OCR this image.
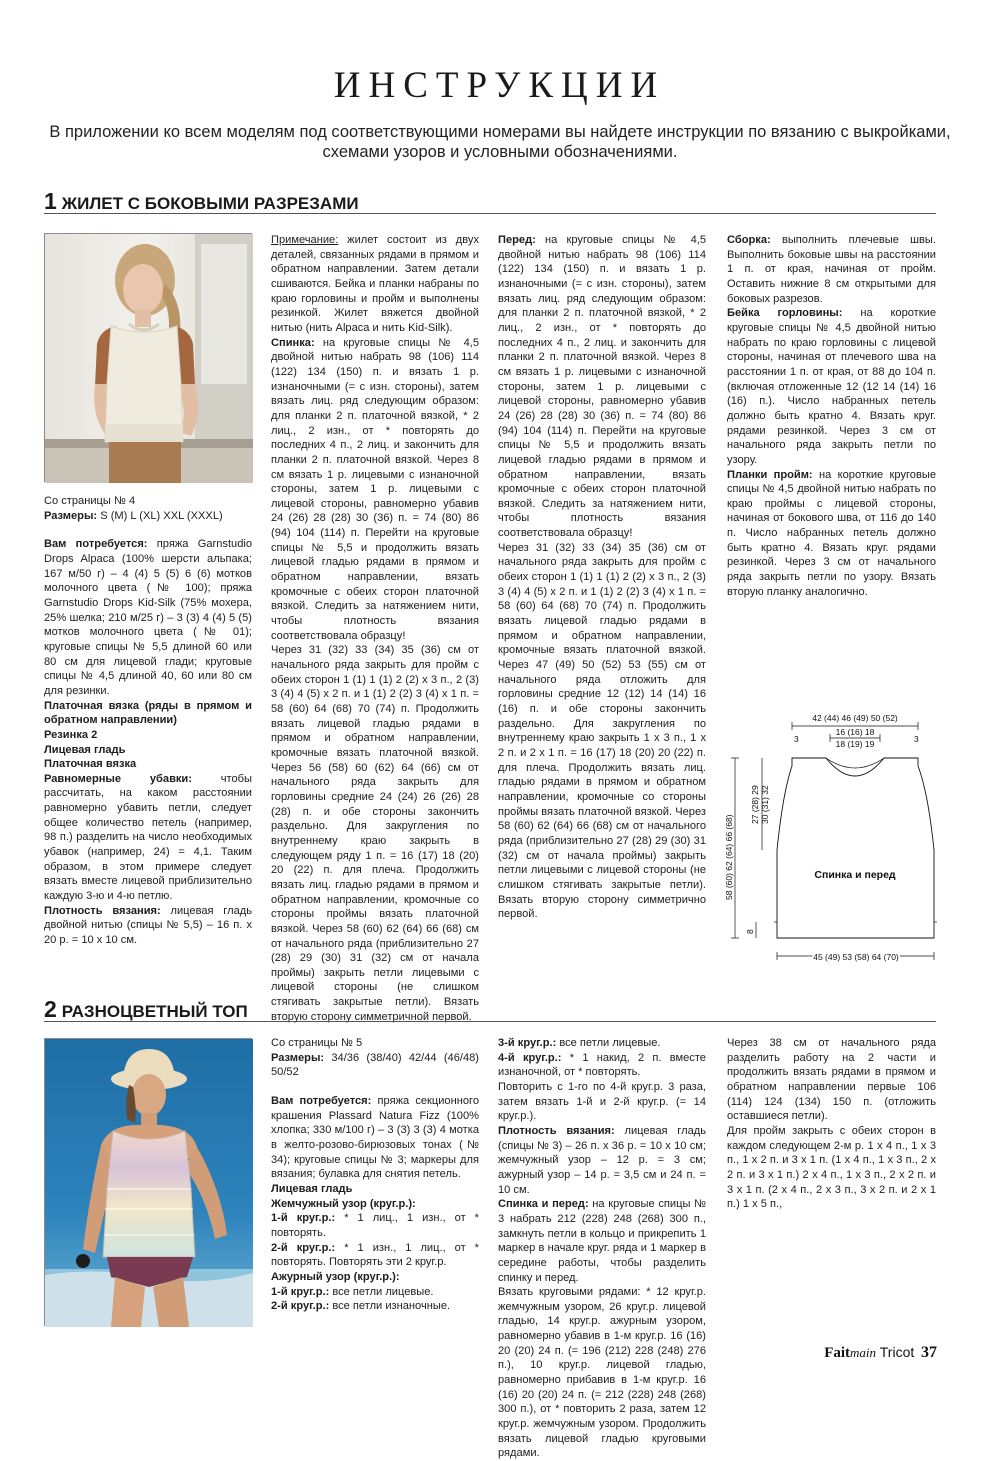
ИНСТРУКЦИИ
В приложении ко всем моделям под соответствующими номерами вы найдете инструкции по вязанию с выкройками, схемами узоров и условными обозначениями.
1 ЖИЛЕТ С БОКОВЫМИ РАЗРЕЗАМИ

Со страницы № 4

Размеры: S (M) L (XL) XXL (XXXL)

Вам потребуется: пряжа Garnstudio Drops Alpaca (100% шерсти альпака; 167 м/50 г) – 4 (4) 5 (5) 6 (6) мотков молочного цвета (№ 100); пряжа Garnstudio Drops Kid-Silk (75% мохера, 25% шелка; 210 м/25 г) – 3 (3) 4 (4) 5 (5) мотков молочного цвета (№ 01); круговые спицы № 5,5 длиной 60 или 80 см для лицевой глади; круговые спицы № 4,5 длиной 40, 60 или 80 см для резинки.

Платочная вязка (ряды в прямом и обратном направлении)

Резинка 2

Лицевая гладь

Платочная вязка

Равномерные убавки:	чтобы рассчитать, на каком расстоянии равномерно убавить петли, следует общее количество петель (например, 98 п.) разделить на число необходимых убавок (например, 24) = 4,1. Таким образом, в этом примере следует вязать вместе лицевой приблизительно каждую 3-ю и 4-ю петлю.

Плотность вязания: лицевая гладь двойной нитью (спицы № 5,5) – 16 п. х 20 р. = 10 х 10 см.

Примечание: жилет состоит из двух деталей, связанных рядами в прямом и обратном направлении. Затем детали сшиваются. Бейка и планки набраны по краю горловины и пройм и выполнены резинкой. Жилет вяжется двойной нитью (нить Alpaca и нить Kid-Silk).

Спинка: на круговые спицы № 4,5 двойной нитью набрать 98 (106) 114 (122) 134 (150) п. и вязать 1 р. изнаночными (= с изн. стороны), затем вязать лиц. ряд следующим образом: для планки 2 п. платочной вязкой, * 2 лиц., 2 изн., от * повторять до последних 4 п., 2 лиц. и закончить для планки 2 п. платочной вязкой. Через 8 см вязать 1 р. лицевыми с изнаночной стороны, затем 1 р. лицевыми с лицевой стороны, равномерно убавив 24 (26) 28 (28) 30 (36) п. = 74 (80) 86 (94) 104 (114) п. Перейти на круговые спицы № 5,5 и продолжить вязать лицевой гладью рядами в прямом и обратном направлении, вязать кромочные с обеих сторон платочной вязкой. Следить за натяжением нити, чтобы плотность вязания соответствовала образцу!

Через 31 (32) 33 (34) 35 (36) см от начального ряда закрыть для пройм с обеих сторон 1 (1) 1 (1) 2 (2) х 3 п., 2 (3) 3 (4) 4 (5) х 2 п. и 1 (1) 2 (2) 3 (4) х 1 п. = 58 (60) 64 (68) 70 (74) п. Продолжить вязать лицевой гладью рядами в прямом и обратном направлении, кромочные вязать платочной вязкой. Через 56 (58) 60 (62) 64 (66) см от начального ряда закрыть для горловины средние 24 (24) 26 (26) 28 (28) п. и обе стороны закончить раздельно. Для закругления по внутреннему краю закрыть в следующем ряду 1 п. = 16 (17) 18 (20) 20 (22) п. для плеча. Продолжить вязать лиц. гладью рядами в прямом и обратном направлении, кромочные со стороны проймы вязать платочной вязкой. Через 58 (60) 62 (64) 66 (68) см от начального ряда (приблизительно 27 (28) 29 (30) 31 (32) см от начала проймы) закрыть петли лицевыми с лицевой стороны (не слишком стягивать закрытые петли). Вязать вторую сторону симметричной первой.

Перед: на круговые спицы № 4,5 двойной нитью набрать 98 (106) 114 (122) 134 (150) п. и вязать 1 р. изнаночными (= с изн. стороны), затем вязать лиц. ряд следующим образом: для планки 2 п. платочной вязкой, * 2 лиц., 2 изн., от * повторять до последних 4 п., 2 лиц. и закончить для планки 2 п. платочной вязкой. Через 8 см вязать 1 р. лицевыми с изнаночной стороны, затем 1 р. лицевыми с лицевой стороны, равномерно убавив 24 (26) 28 (28) 30 (36) п. = 74 (80) 86 (94) 104 (114) п. Перейти на круговые спицы № 5,5 и продолжить вязать лицевой гладью рядами в прямом и обратном направлении, вязать кромочные с обеих сторон платочной вязкой. Следить за натяжением нити, чтобы плотность вязания соответствовала образцу!

Через 31 (32) 33 (34) 35 (36) см от начального ряда закрыть для пройм с обеих сторон 1 (1) 1 (1) 2 (2) х 3 п., 2 (3) 3 (4) 4 (5) х 2 п. и 1 (1) 2 (2) 3 (4) х 1 п. = 58 (60) 64 (68) 70 (74) п. Продолжить вязать лицевой гладью рядами в прямом и обратном направлении, кромочные вязать платочной вязкой. Через 47 (49) 50 (52) 53 (55) см от начального ряда отложить для горловины средние 12 (12) 14 (14) 16 (16) п. и обе стороны закончить раздельно. Для закругления по внутреннему краю закрыть 1 х 3 п., 1 х 2 п. и 2 х 1 п. = 16 (17) 18 (20) 20 (22) п. для плеча. Продолжить вязать лиц. гладью рядами в прямом и обратном направлении, кромочные со стороны проймы вязать платочной вязкой. Через 58 (60) 62 (64) 66 (68) см от начального ряда (приблизительно 27 (28) 29 (30) 31 (32) см от начала проймы) закрыть петли лицевыми с лицевой стороны (не слишком стягивать закрытые петли). Вязать вторую сторону симметрично первой.

Сборка: выполнить плечевые швы. Выполнить боковые швы на расстоянии 1 п. от края, начиная от пройм. Оставить нижние 8 см открытыми для боковых разрезов.

Бейка горловины: на короткие круговые спицы № 4,5 двойной нитью набрать по краю горловины с лицевой стороны, начиная от плечевого шва на расстоянии 1 п. от края, от 88 до 104 п. (включая отложенные 12 (12 14 (14) 16 (16) п.). Число набранных петель должно быть кратно 4. Вязать круг. рядами резинкой. Через 3 см от начального ряда закрыть петли по узору.

Планки пройм: на короткие круговые спицы № 4,5 двойной нитью набрать по краю проймы с лицевой стороны, начиная от бокового шва, от 116 до 140 п. Число набранных петель должно быть кратно 4. Вязать круг. рядами резинкой. Через 3 см от начального ряда закрыть петли по узору. Вязать вторую планку аналогично.

42 (44) 46 (49) 50 (52)
16 (16) 18
18 (19) 19
3	3
Спинка и перед
27 (28) 29 30 (31) 32
58 (60) 62 (64) 66 (68)
8
45 (49) 53 (58) 64 (70)
2 РАЗНОЦВЕТНЫЙ ТОП

Со страницы № 5

Размеры: 34/36 (38/40) 42/44 (46/48) 50/52

Вам потребуется: пряжа секционного крашения Plassard Natura Fizz (100% хлопка; 330 м/100 г) – 3 (3) 3 (3) 4 мотка в желто-розово-бирюзовых тонах (№ 34); круговые спицы № 3; маркеры для вязания; булавка для снятия петель.

Лицевая гладь

Жемчужный узор (круг.р.):

1-й круг.р.: * 1 лиц., 1 изн., от * повторять.

2-й круг.р.: * 1 изн., 1 лиц., от * повторять. Повторять эти 2 круг.р.

Ажурный узор (круг.р.):

1-й круг.р.: все петли лицевые.

2-й круг.р.: все петли изнаночные.

3-й круг.р.: все петли лицевые.

4-й круг.р.: * 1 накид, 2 п. вместе изнаночной, от * повторять.

Повторить с 1-го по 4-й круг.р. 3 раза, затем вязать 1-й и 2-й круг.р. (= 14 круг.р.).

Плотность вязания: лицевая гладь (спицы № 3) – 26 п. х 36 р. = 10 х 10 см; жемчужный узор – 12 р. = 3 см; ажурный узор – 14 р. = 3,5 см и 24 п. = 10 см.

Спинка и перед: на круговые спицы № 3 набрать 212 (228) 248 (268) 300 п., замкнуть петли в кольцо и прикрепить 1 маркер в начале круг. ряда и 1 маркер в середине работы, чтобы разделить спинку и перед.

Вязать круговыми рядами: * 12 круг.р. жемчужным узором, 26 круг.р. лицевой гладью, 14 круг.р. ажурным узором, равномерно убавив в 1-м круг.р. 16 (16) 20 (20) 24 п. (= 196 (212) 228 (248) 276 п.), 10 круг.р. лицевой гладью, равномерно прибавив в 1-м круг.р. 16 (16) 20 (20) 24 п. (= 212 (228) 248 (268) 300 п.), от * повторить 2 раза, затем 12 круг.р. жемчужным узором. Продолжить вязать лицевой гладью круговыми рядами.

Через 38 см от начального ряда разделить работу на 2 части и продолжить вязать рядами в прямом и обратном направлении первые 106 (114) 124 (134) 150 п. (отложить оставшиеся петли).

Для пройм закрыть с обеих сторон в каждом следующем 2-м р. 1 х 4 п., 1 х 3 п., 1 х 2 п. и 3 х 1 п. (1 х 4 п., 1 х 3 п., 2 х 2 п. и 3 х 1 п.) 2 х 4 п., 1 х 3 п., 2 х 2 п. и 3 х 1 п. (2 х 4 п., 2 х 3 п., 3 х 2 п. и 2 х 1 п.) 1 х 5 п.,

Faitmain Tricot 37
